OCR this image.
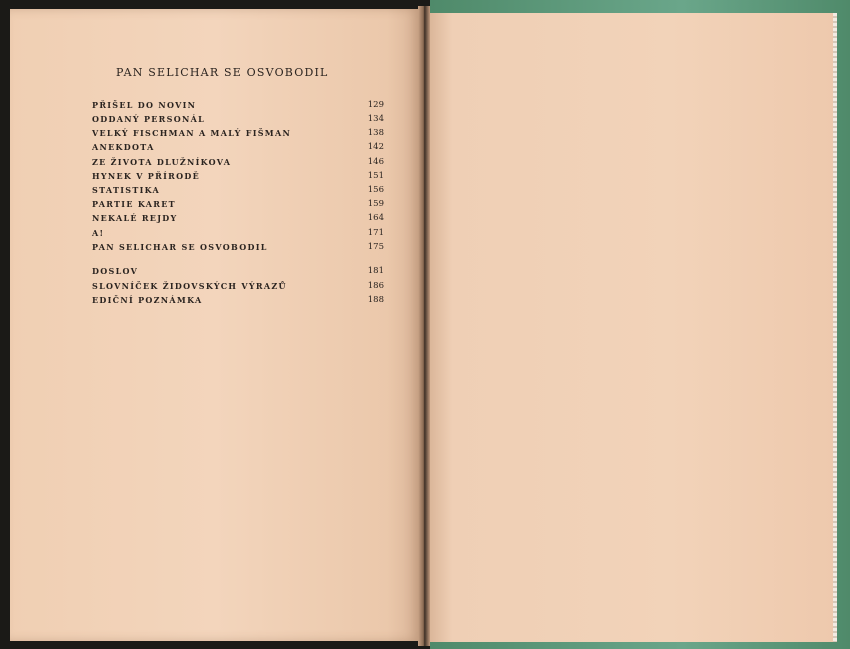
PAN SELICHAR SE OSVOBODIL
PŘIŠEL DO NOVIN	129
ODDANÝ PERSONÁL	134
VELKÝ FISCHMAN A MALÝ FIŠMAN	138
ANEKDOTA	142
ZE ŽIVOTA DLUŽNÍKOVA	146
HYNEK V PŘÍRODĚ	151
STATISTIKA	156
PARTIE KARET	159
NEKALÉ REJDY	164
A!	171
PAN SELICHAR SE OSVOBODIL	175
DOSLOV	181
SLOVNÍČEK ŽIDOVSKÝCH VÝRAZŮ	186
EDIČNÍ POZNÁMKA	188
